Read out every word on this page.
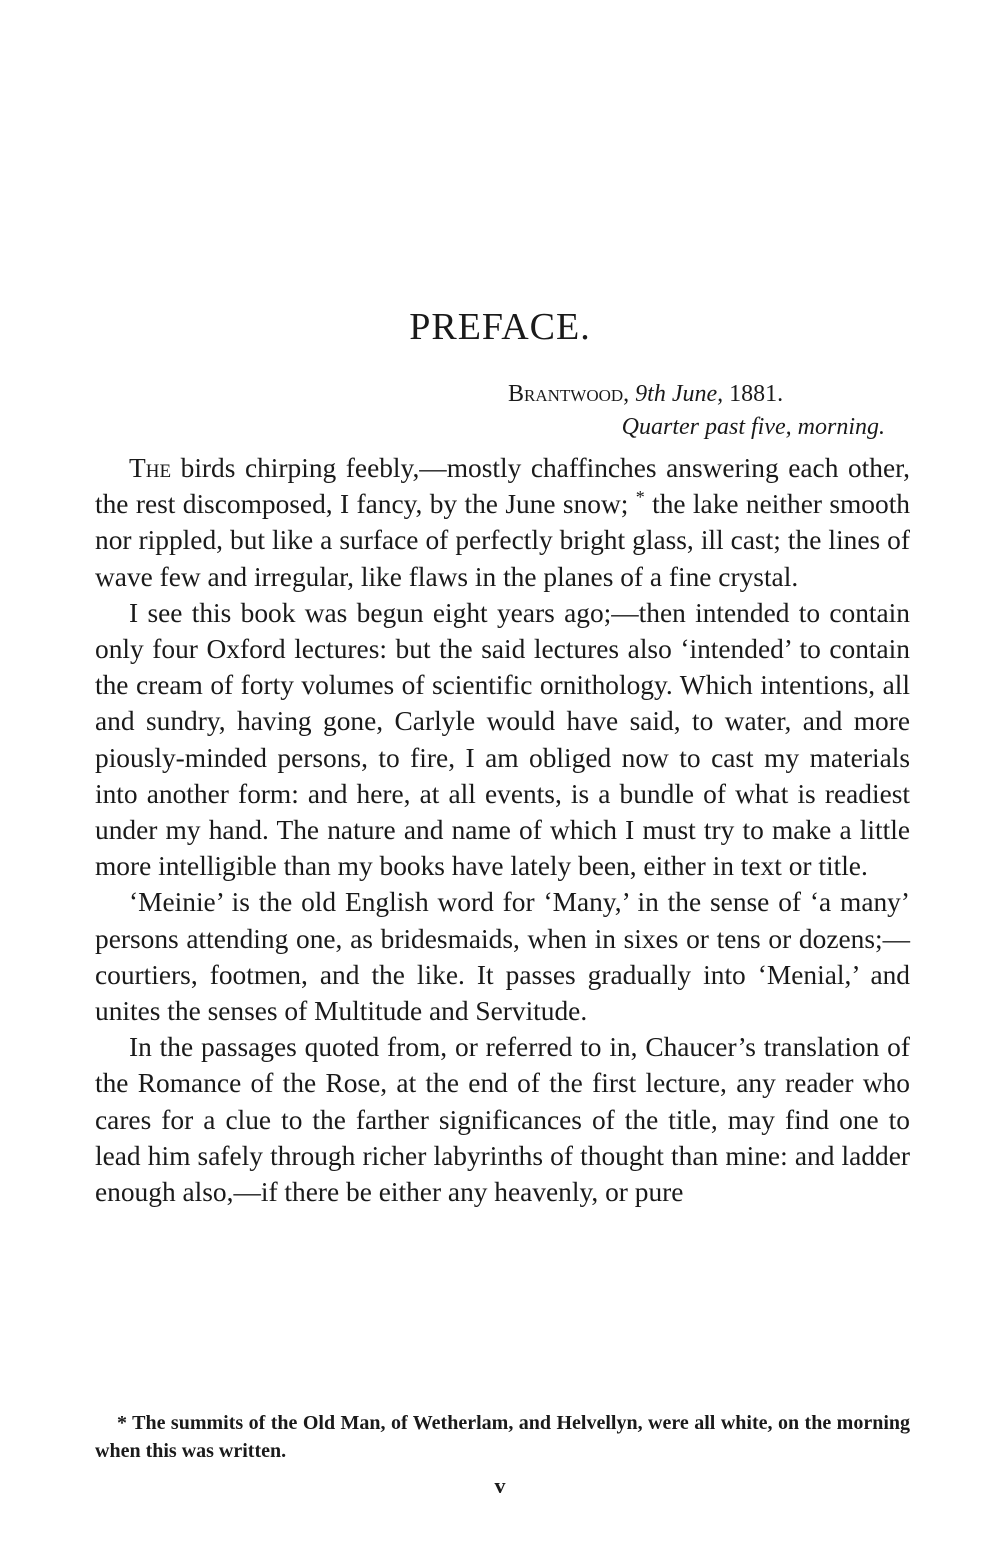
PREFACE.
Brantwood, 9th June, 1881.
Quarter past five, morning.

The birds chirping feebly,—mostly chaffinches answering each other, the rest discomposed, I fancy, by the June snow; * the lake neither smooth nor rippled, but like a surface of perfectly bright glass, ill cast; the lines of wave few and irregular, like flaws in the planes of a fine crystal.

I see this book was begun eight years ago;—then intended to contain only four Oxford lectures: but the said lectures also ‘intended’ to contain the cream of forty volumes of scientific ornithology. Which intentions, all and sundry, having gone, Carlyle would have said, to water, and more piously-minded persons, to fire, I am obliged now to cast my materials into another form: and here, at all events, is a bundle of what is readiest under my hand. The nature and name of which I must try to make a little more intelligible than my books have lately been, either in text or title.

‘Meinie’ is the old English word for ‘Many,’ in the sense of ‘a many’ persons attending one, as bridesmaids, when in sixes or tens or dozens;—courtiers, footmen, and the like. It passes gradually into ‘Menial,’ and unites the senses of Multitude and Servitude.

In the passages quoted from, or referred to in, Chaucer’s translation of the Romance of the Rose, at the end of the first lecture, any reader who cares for a clue to the farther significances of the title, may find one to lead him safely through richer labyrinths of thought than mine: and ladder enough also,—if there be either any heavenly, or pure

* The summits of the Old Man, of Wetherlam, and Helvellyn, were all white, on the morning when this was written.

v
